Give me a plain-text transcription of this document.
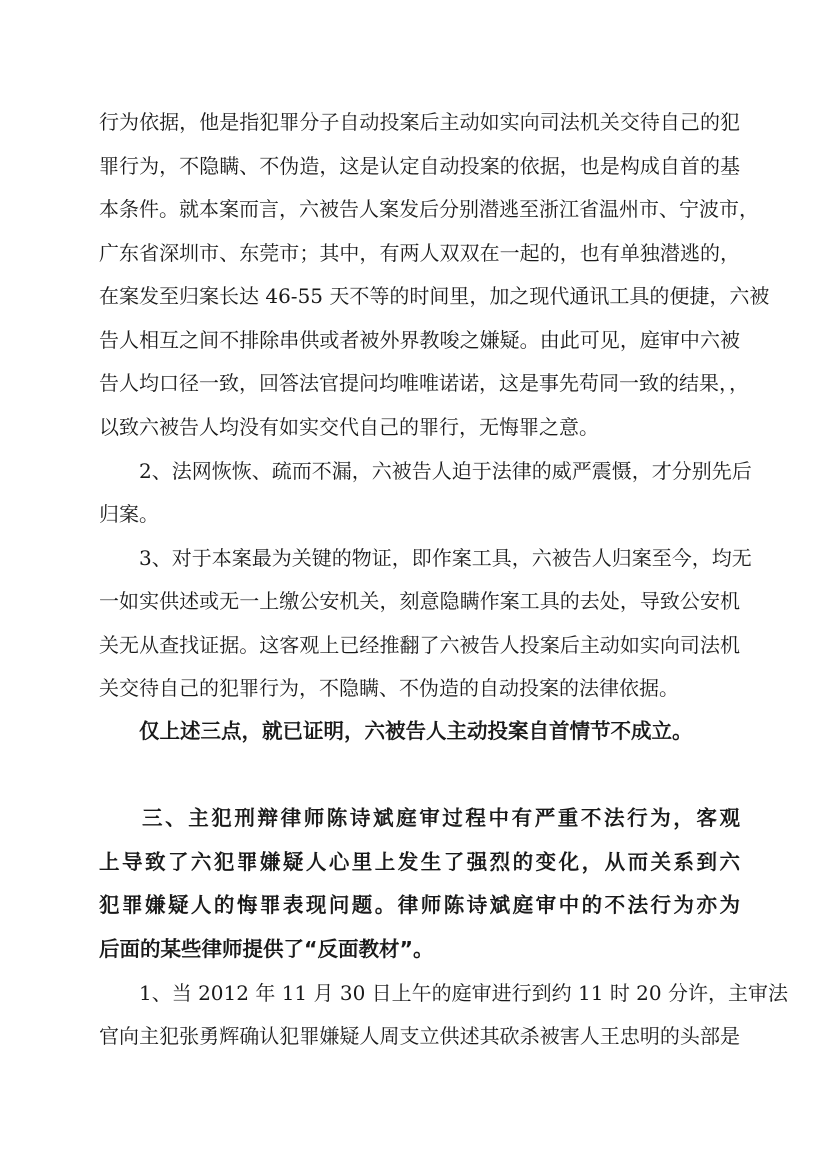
行为依据，他是指犯罪分子自动投案后主动如实向司法机关交待自己的犯
罪行为，不隐瞒、不伪造，这是认定自动投案的依据，也是构成自首的基
本条件。就本案而言，六被告人案发后分别潜逃至浙江省温州市、宁波市，
广东省深圳市、东莞市；其中，有两人双双在一起的，也有单独潜逃的，
在案发至归案长达 46-55 天不等的时间里，加之现代通讯工具的便捷，六被
告人相互之间不排除串供或者被外界教唆之嫌疑。由此可见，庭审中六被
告人均口径一致，回答法官提问均唯唯诺诺，这是事先苟同一致的结果，，
以致六被告人均没有如实交代自己的罪行，无悔罪之意。
2、法网恢恢、疏而不漏，六被告人迫于法律的威严震慑，才分别先后
归案。
3、对于本案最为关键的物证，即作案工具，六被告人归案至今，均无
一如实供述或无一上缴公安机关，刻意隐瞒作案工具的去处，导致公安机
关无从查找证据。这客观上已经推翻了六被告人投案后主动如实向司法机
关交待自己的犯罪行为，不隐瞒、不伪造的自动投案的法律依据。
仅上述三点，就已证明，六被告人主动投案自首情节不成立。
三、主犯刑辩律师陈诗斌庭审过程中有严重不法行为，客观
上导致了六犯罪嫌疑人心里上发生了强烈的变化，从而关系到六
犯罪嫌疑人的悔罪表现问题。律师陈诗斌庭审中的不法行为亦为
后面的某些律师提供了“反面教材”。
1、当 2012 年 11 月 30 日上午的庭审进行到约 11 时 20 分许，主审法
官向主犯张勇辉确认犯罪嫌疑人周支立供述其砍杀被害人王忠明的头部是
